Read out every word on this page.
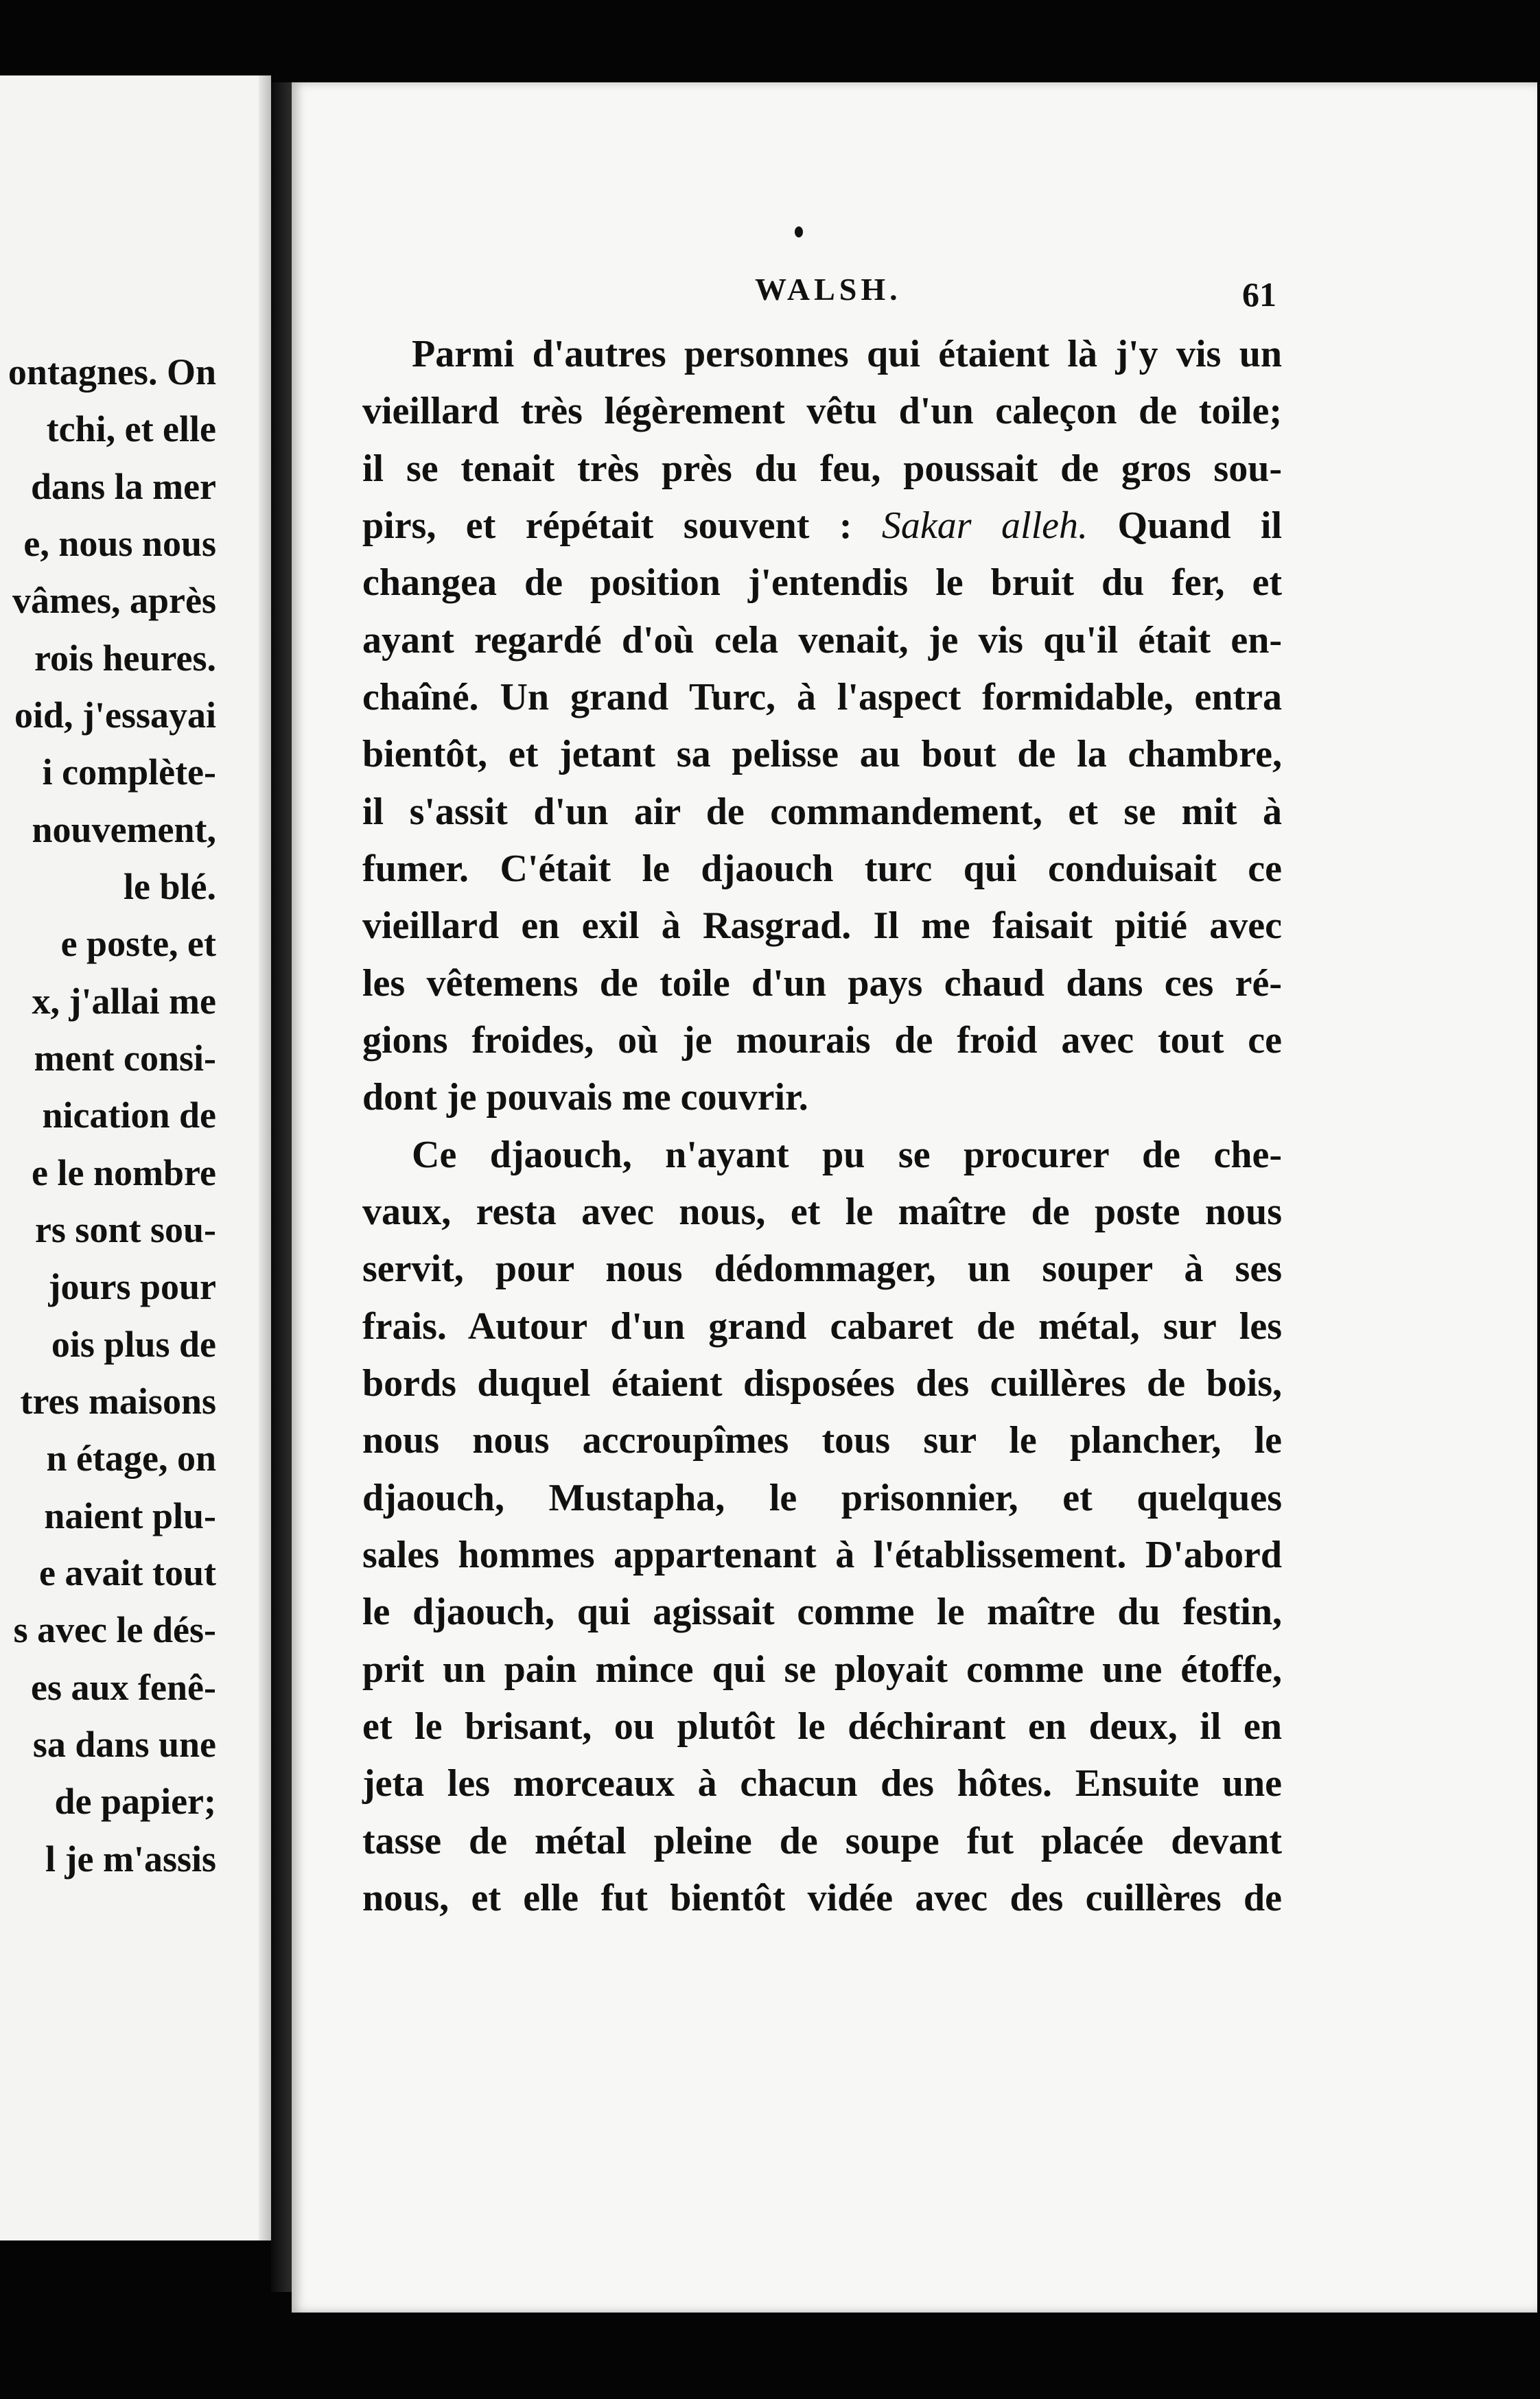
ontagnes. On
tchi, et elle
dans la mer
e, nous nous
vâmes, après
rois heures.
oid, j'essayai
i complète-
nouvement,
le blé.
e poste, et
x, j'allai me
ment consi-
nication de
e le nombre
rs sont sou-
jours pour
ois plus de
tres maisons
n étage, on
naient plu-
e avait tout
s avec le dés-
es aux fenê-
sa dans une
de papier;
l je m'assis
WALSH.	61
Parmi d'autres personnes qui étaient là j'y vis un
vieillard très légèrement vêtu d'un caleçon de toile;
il se tenait très près du feu, poussait de gros sou-
pirs, et répétait souvent : Sakar alleh. Quand il
changea de position j'entendis le bruit du fer, et
ayant regardé d'où cela venait, je vis qu'il était en-
chaîné. Un grand Turc, à l'aspect formidable, entra
bientôt, et jetant sa pelisse au bout de la chambre,
il s'assit d'un air de commandement, et se mit à
fumer. C'était le djaouch turc qui conduisait ce
vieillard en exil à Rasgrad. Il me faisait pitié avec
les vêtemens de toile d'un pays chaud dans ces ré-
gions froides, où je mourais de froid avec tout ce
dont je pouvais me couvrir.
Ce djaouch, n'ayant pu se procurer de che-
vaux, resta avec nous, et le maître de poste nous
servit, pour nous dédommager, un souper à ses
frais. Autour d'un grand cabaret de métal, sur les
bords duquel étaient disposées des cuillères de bois,
nous nous accroupîmes tous sur le plancher, le
djaouch, Mustapha, le prisonnier, et quelques
sales hommes appartenant à l'établissement. D'abord
le djaouch, qui agissait comme le maître du festin,
prit un pain mince qui se ployait comme une étoffe,
et le brisant, ou plutôt le déchirant en deux, il en
jeta les morceaux à chacun des hôtes. Ensuite une
tasse de métal pleine de soupe fut placée devant
nous, et elle fut bientôt vidée avec des cuillères de
